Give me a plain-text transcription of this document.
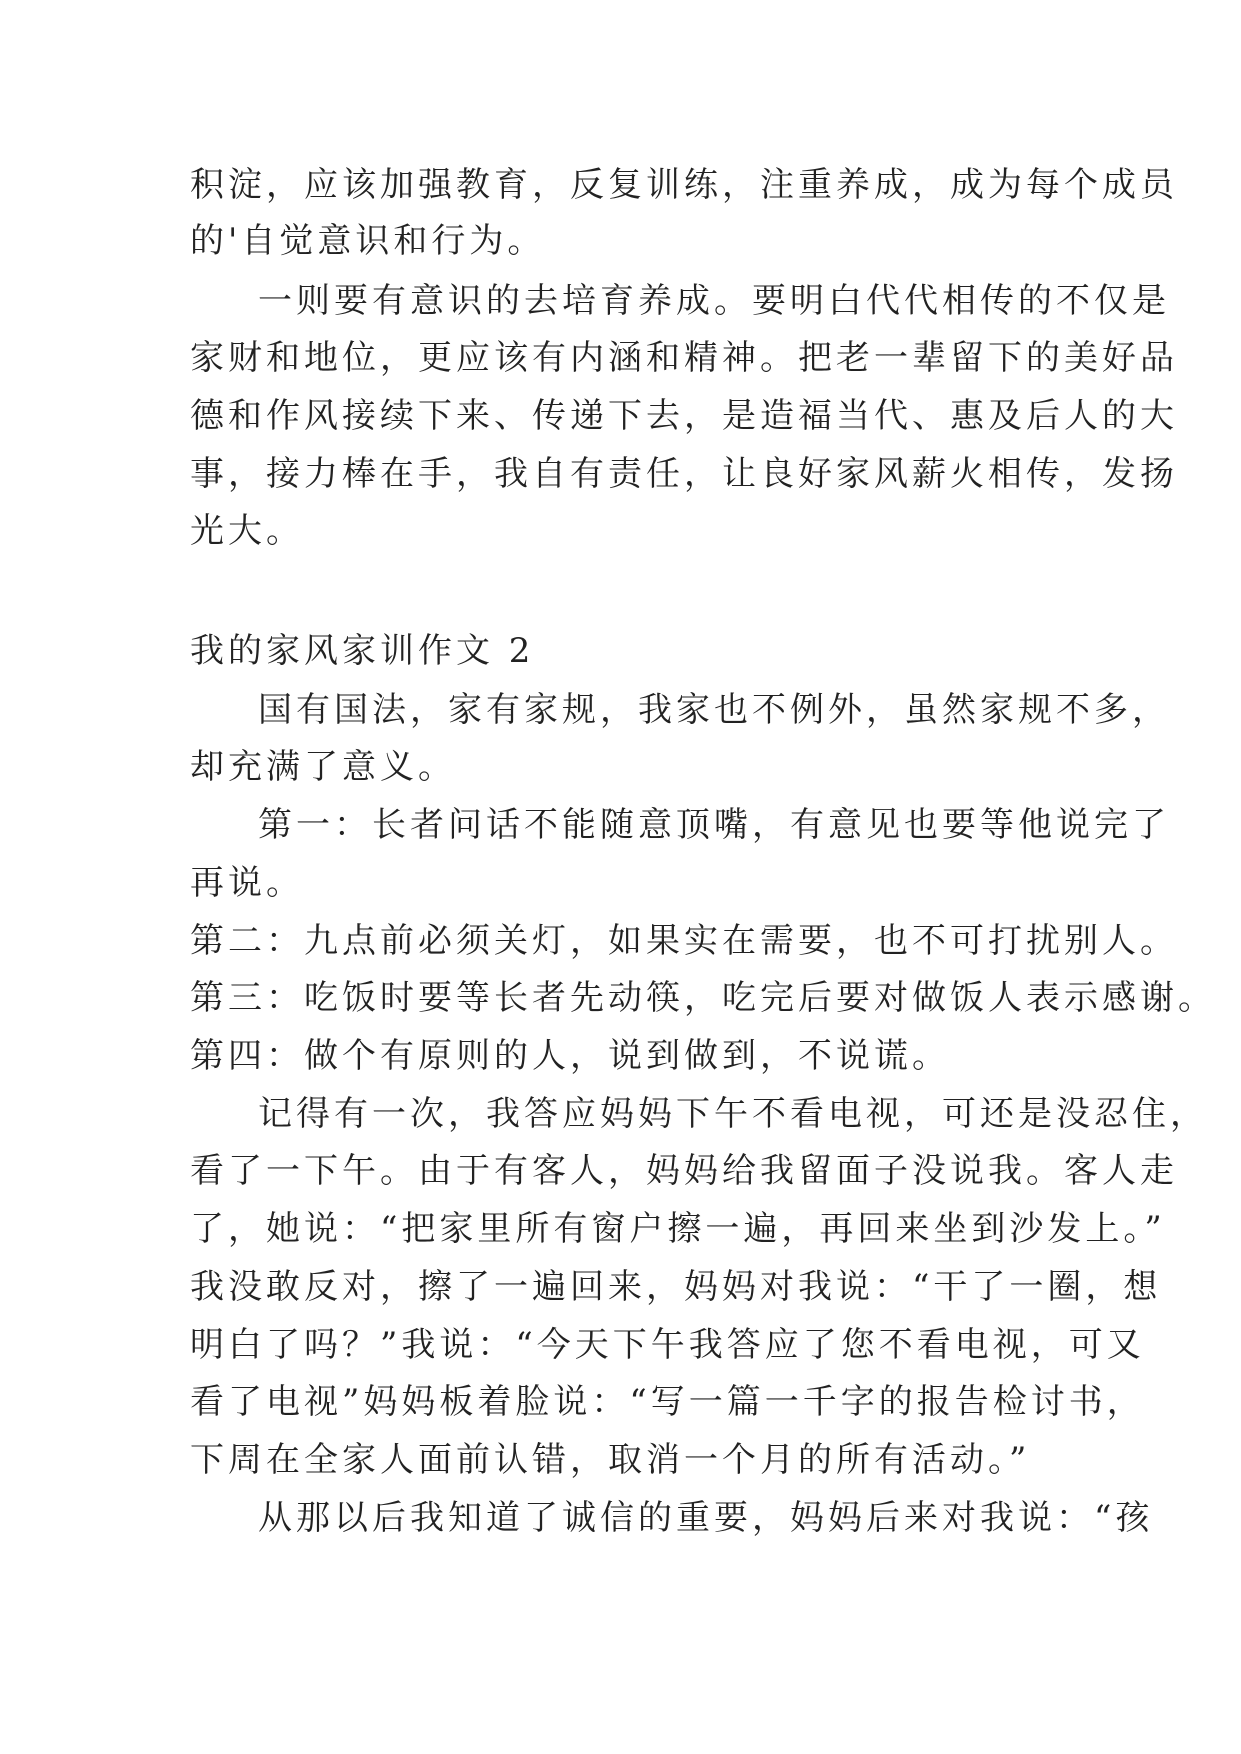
积淀，应该加强教育，反复训练，注重养成，成为每个成员
的'自觉意识和行为。
一则要有意识的去培育养成。要明白代代相传的不仅是
家财和地位，更应该有内涵和精神。把老一辈留下的美好品
德和作风接续下来、传递下去，是造福当代、惠及后人的大
事，接力棒在手，我自有责任，让良好家风薪火相传，发扬
光大。
我的家风家训作文 2
国有国法，家有家规，我家也不例外，虽然家规不多，
却充满了意义。
第一：长者问话不能随意顶嘴，有意见也要等他说完了
再说。
第二：九点前必须关灯，如果实在需要，也不可打扰别人。
第三：吃饭时要等长者先动筷，吃完后要对做饭人表示感谢。
第四：做个有原则的人，说到做到，不说谎。
记得有一次，我答应妈妈下午不看电视，可还是没忍住，
看了一下午。由于有客人，妈妈给我留面子没说我。客人走
了，她说：“把家里所有窗户擦一遍，再回来坐到沙发上。”
我没敢反对，擦了一遍回来，妈妈对我说：“干了一圈，想
明白了吗？”我说：“今天下午我答应了您不看电视，可又
看了电视”妈妈板着脸说：“写一篇一千字的报告检讨书，
下周在全家人面前认错，取消一个月的所有活动。”
从那以后我知道了诚信的重要，妈妈后来对我说：“孩
